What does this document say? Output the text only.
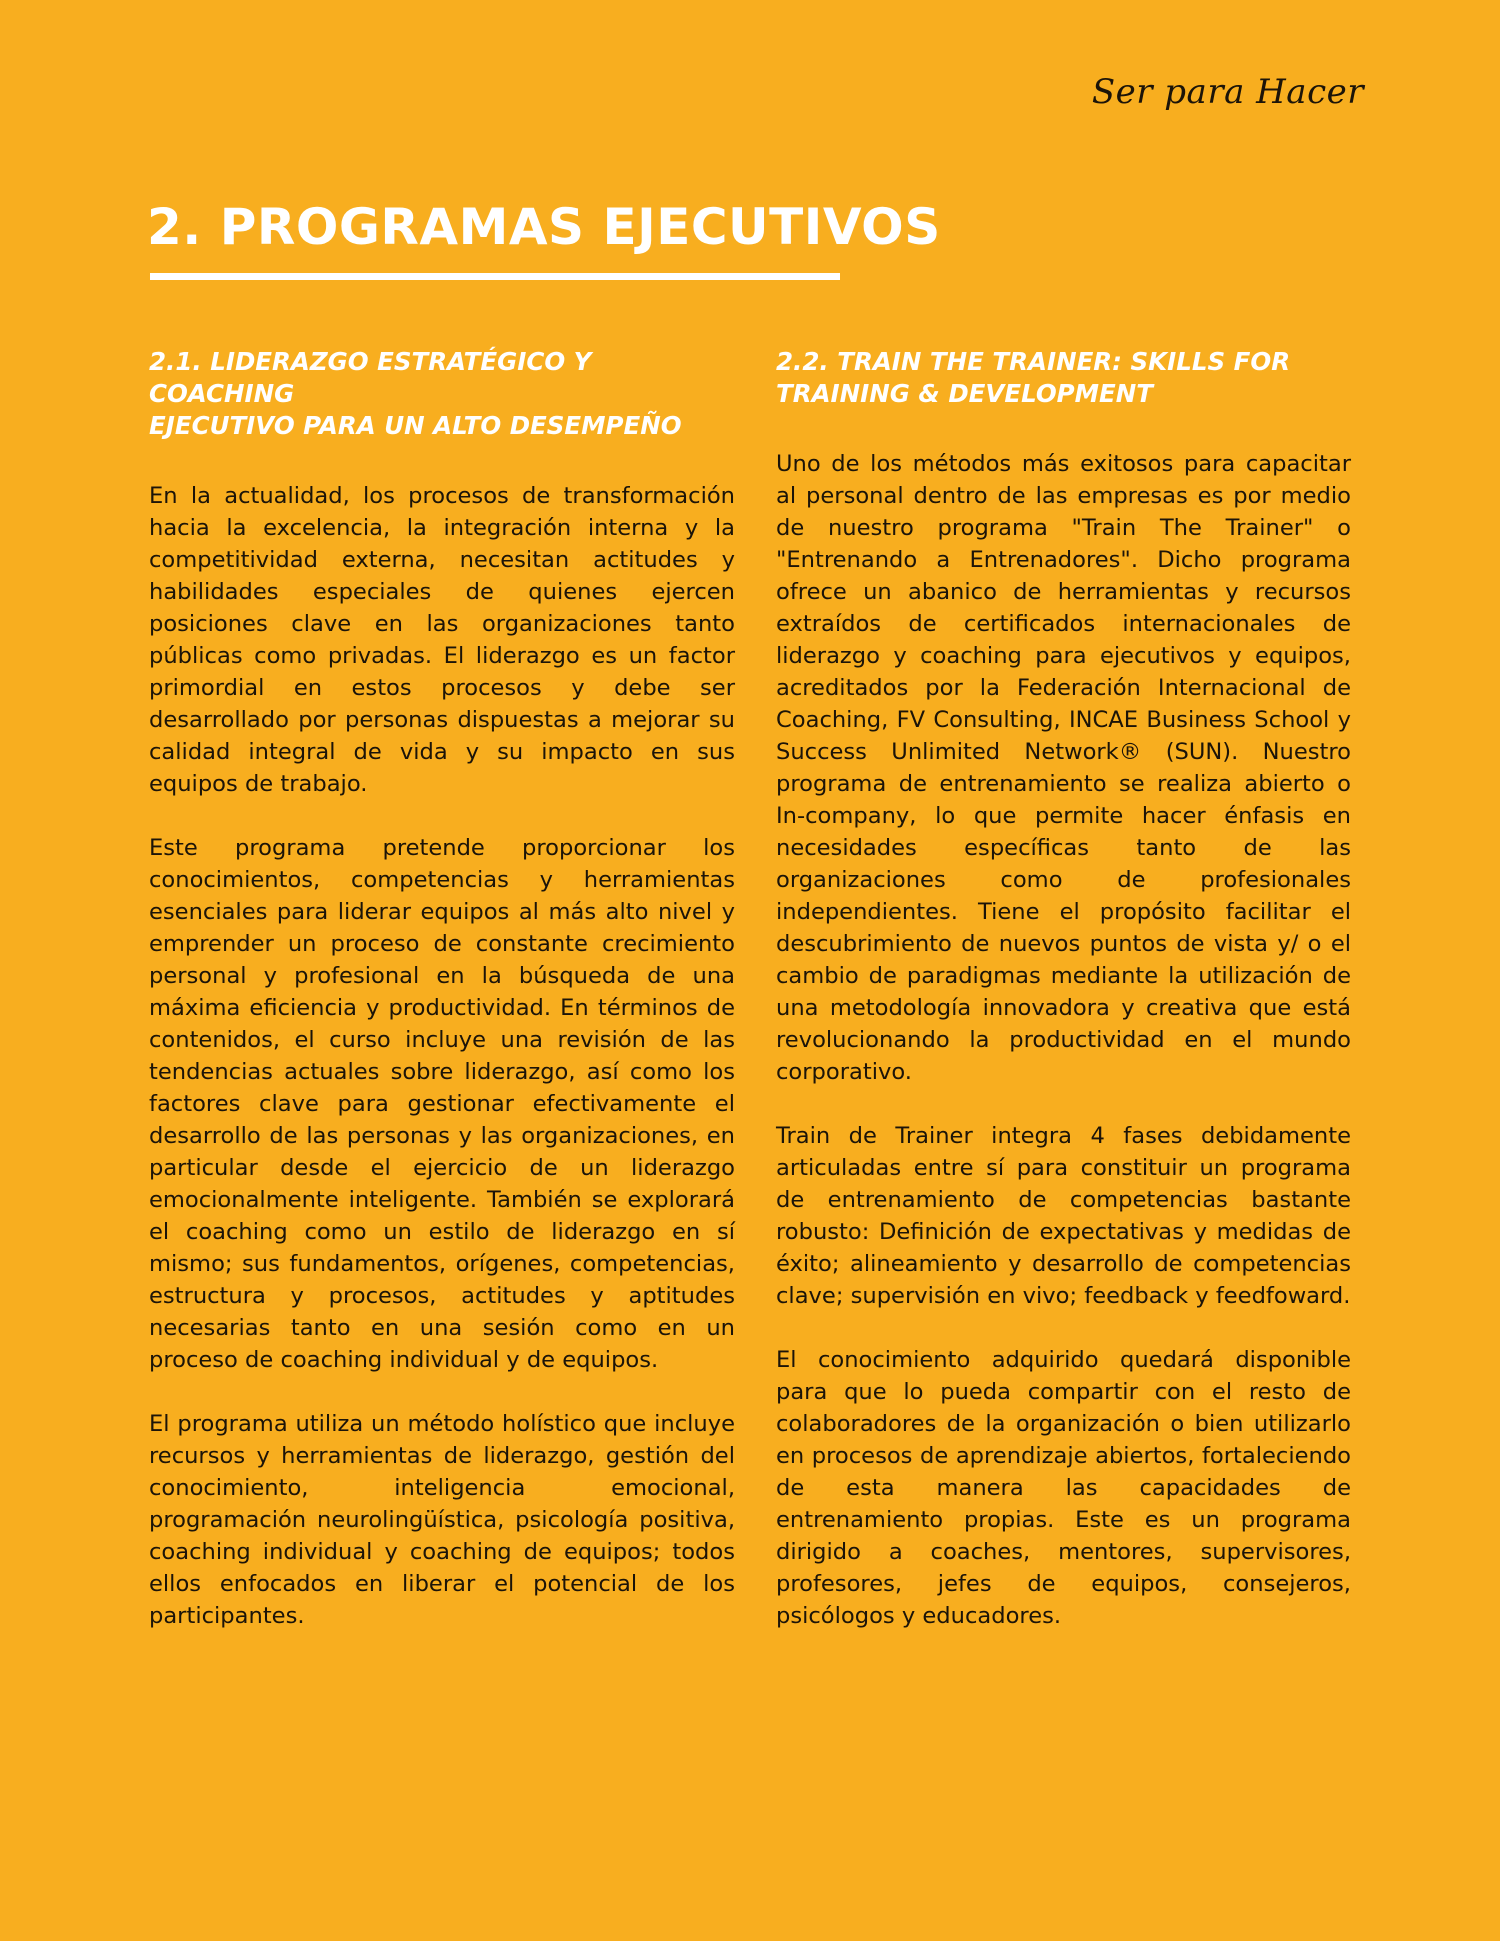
Ser para Hacer
2. PROGRAMAS EJECUTIVOS
2.1. LIDERAZGO ESTRATÉGICO Y COACHING
EJECUTIVO PARA UN ALTO DESEMPEÑO

En la actualidad, los procesos de transformación hacia la excelencia, la integración interna y la competitividad externa, necesitan actitudes y habilidades especiales de quienes ejercen posiciones clave en las organizaciones tanto públicas como privadas. El liderazgo es un factor primordial en estos procesos y debe ser desarrollado por personas dispuestas a mejorar su calidad integral de vida y su impacto en sus equipos de trabajo.

Este programa pretende proporcionar los conocimientos, competencias y herramientas esenciales para liderar equipos al más alto nivel y emprender un proceso de constante crecimiento personal y profesional en la búsqueda de una máxima eficiencia y productividad. En términos de contenidos, el curso incluye una revisión de las tendencias actuales sobre liderazgo, así como los factores clave para gestionar efectivamente el desarrollo de las personas y las organizaciones, en particular desde el ejercicio de un liderazgo emocionalmente inteligente. También se explorará el coaching como un estilo de liderazgo en sí mismo; sus fundamentos, orígenes, competencias, estructura y procesos, actitudes y aptitudes necesarias tanto en una sesión como en un proceso de coaching individual y de equipos.

El programa utiliza un método holístico que incluye recursos y herramientas de liderazgo, gestión del conocimiento, inteligencia emocional, programación neurolingüística, psicología positiva, coaching individual y coaching de equipos; todos ellos enfocados en liberar el potencial de los participantes.

2.2. TRAIN THE TRAINER: SKILLS FOR
TRAINING & DEVELOPMENT

Uno de los métodos más exitosos para capacitar al personal dentro de las empresas es por medio de nuestro programa "Train The Trainer" o "Entrenando a Entrenadores". Dicho programa ofrece un abanico de herramientas y recursos extraídos de certificados internacionales de liderazgo y coaching para ejecutivos y equipos, acreditados por la Federación Internacional de Coaching, FV Consulting, INCAE Business School y Success Unlimited Network® (SUN). Nuestro programa de entrenamiento se realiza abierto o In-company, lo que permite hacer énfasis en necesidades específicas tanto de las organizaciones como de profesionales independientes. Tiene el propósito facilitar el descubrimiento de nuevos puntos de vista y/ o el cambio de paradigmas mediante la utilización de una metodología innovadora y creativa que está revolucionando la productividad en el mundo corporativo.

Train de Trainer integra 4 fases debidamente articuladas entre sí para constituir un programa de entrenamiento de competencias bastante robusto: Definición de expectativas y medidas de éxito; alineamiento y desarrollo de competencias clave; supervisión en vivo; feedback y feedfoward.

El conocimiento adquirido quedará disponible para que lo pueda compartir con el resto de colaboradores de la organización o bien utilizarlo en procesos de aprendizaje abiertos, fortaleciendo de esta manera las capacidades de entrenamiento propias. Este es un programa dirigido a coaches, mentores, supervisores, profesores, jefes de equipos, consejeros, psicólogos y educadores.
